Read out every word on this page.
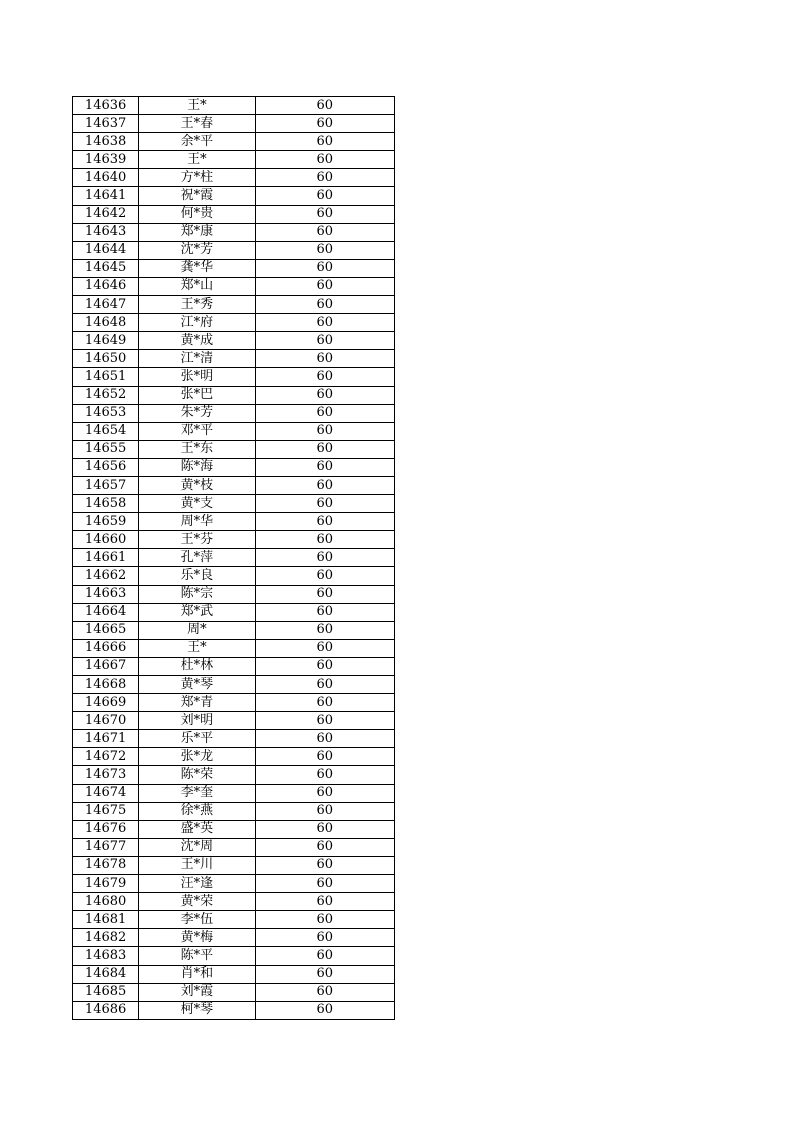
14636	王*	60
14637	王*春	60
14638	余*平	60
14639	王*	60
14640	方*柱	60
14641	祝*霞	60
14642	何*贵	60
14643	郑*康	60
14644	沈*芳	60
14645	龚*华	60
14646	郑*山	60
14647	王*秀	60
14648	江*府	60
14649	黄*成	60
14650	江*清	60
14651	张*明	60
14652	张*巴	60
14653	朱*芳	60
14654	邓*平	60
14655	王*东	60
14656	陈*海	60
14657	黄*枝	60
14658	黄*支	60
14659	周*华	60
14660	王*芬	60
14661	孔*萍	60
14662	乐*良	60
14663	陈*宗	60
14664	郑*武	60
14665	周*	60
14666	王*	60
14667	杜*林	60
14668	黄*琴	60
14669	郑*青	60
14670	刘*明	60
14671	乐*平	60
14672	张*龙	60
14673	陈*荣	60
14674	李*奎	60
14675	徐*燕	60
14676	盛*英	60
14677	沈*周	60
14678	王*川	60
14679	汪*逢	60
14680	黄*荣	60
14681	李*伍	60
14682	黄*梅	60
14683	陈*平	60
14684	肖*和	60
14685	刘*霞	60
14686	柯*琴	60
